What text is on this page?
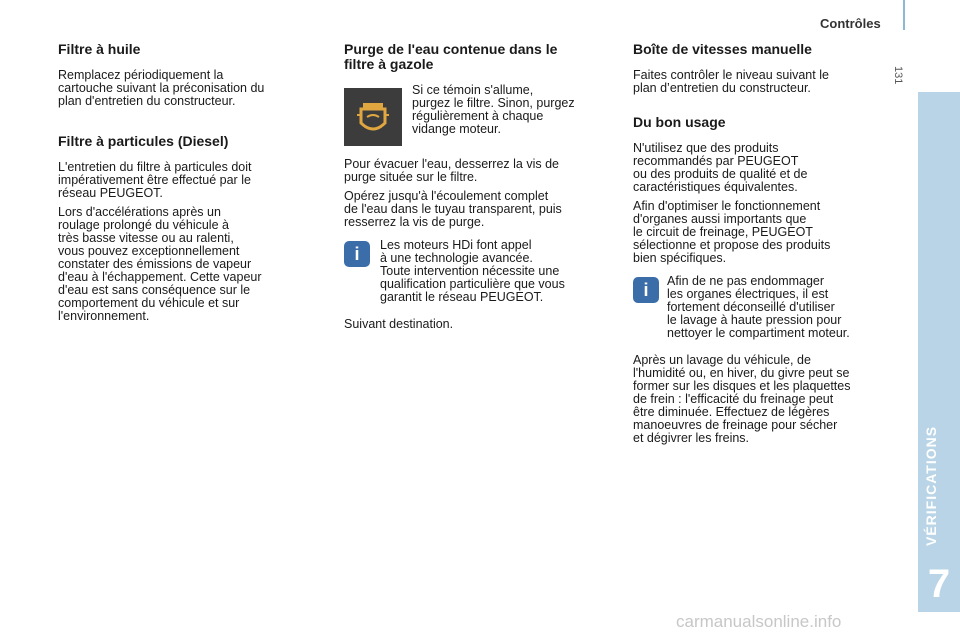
Contrôles
131
VÉRIFICATIONS
7
Filtre à huile

Remplacez périodiquement la
cartouche suivant la préconisation du
plan d'entretien du constructeur.

Filtre à particules (Diesel)

L'entretien du filtre à particules doit
impérativement être effectué par le
réseau PEUGEOT.

Lors d'accélérations après un
roulage prolongé du véhicule à
très basse vitesse ou au ralenti,
vous pouvez exceptionnellement
constater des émissions de vapeur
d'eau à l'échappement. Cette vapeur
d'eau est sans conséquence sur le
comportement du véhicule et sur
l'environnement.

Purge de l'eau contenue dans le
filtre à gazole

Si ce témoin s'allume,
purgez le filtre. Sinon, purgez
régulièrement à chaque
vidange moteur.

Pour évacuer l'eau, desserrez la vis de
purge située sur le filtre.

Opérez jusqu'à l'écoulement complet
de l'eau dans le tuyau transparent, puis
resserrez la vis de purge.

i	Les moteurs HDi font appel
à une technologie avancée.
Toute intervention nécessite une
qualification particulière que vous
garantit le réseau PEUGEOT.

Suivant destination.

Boîte de vitesses manuelle

Faites contrôler le niveau suivant le
plan d’entretien du constructeur.

Du bon usage

N'utilisez que des produits
recommandés par PEUGEOT
ou des produits de qualité et de
caractéristiques équivalentes.

Afin d'optimiser le fonctionnement
d'organes aussi importants que
le circuit de freinage, PEUGEOT
sélectionne et propose des produits
bien spécifiques.

i	Afin de ne pas endommager
les organes électriques, il est
fortement déconseillé d'utiliser
le lavage à haute pression pour
nettoyer le compartiment moteur.

Après un lavage du véhicule, de
l'humidité ou, en hiver, du givre peut se
former sur les disques et les plaquettes
de frein : l'efficacité du freinage peut
être diminuée. Effectuez de légères
manoeuvres de freinage pour sécher
et dégivrer les freins.

carmanualsonline.info
